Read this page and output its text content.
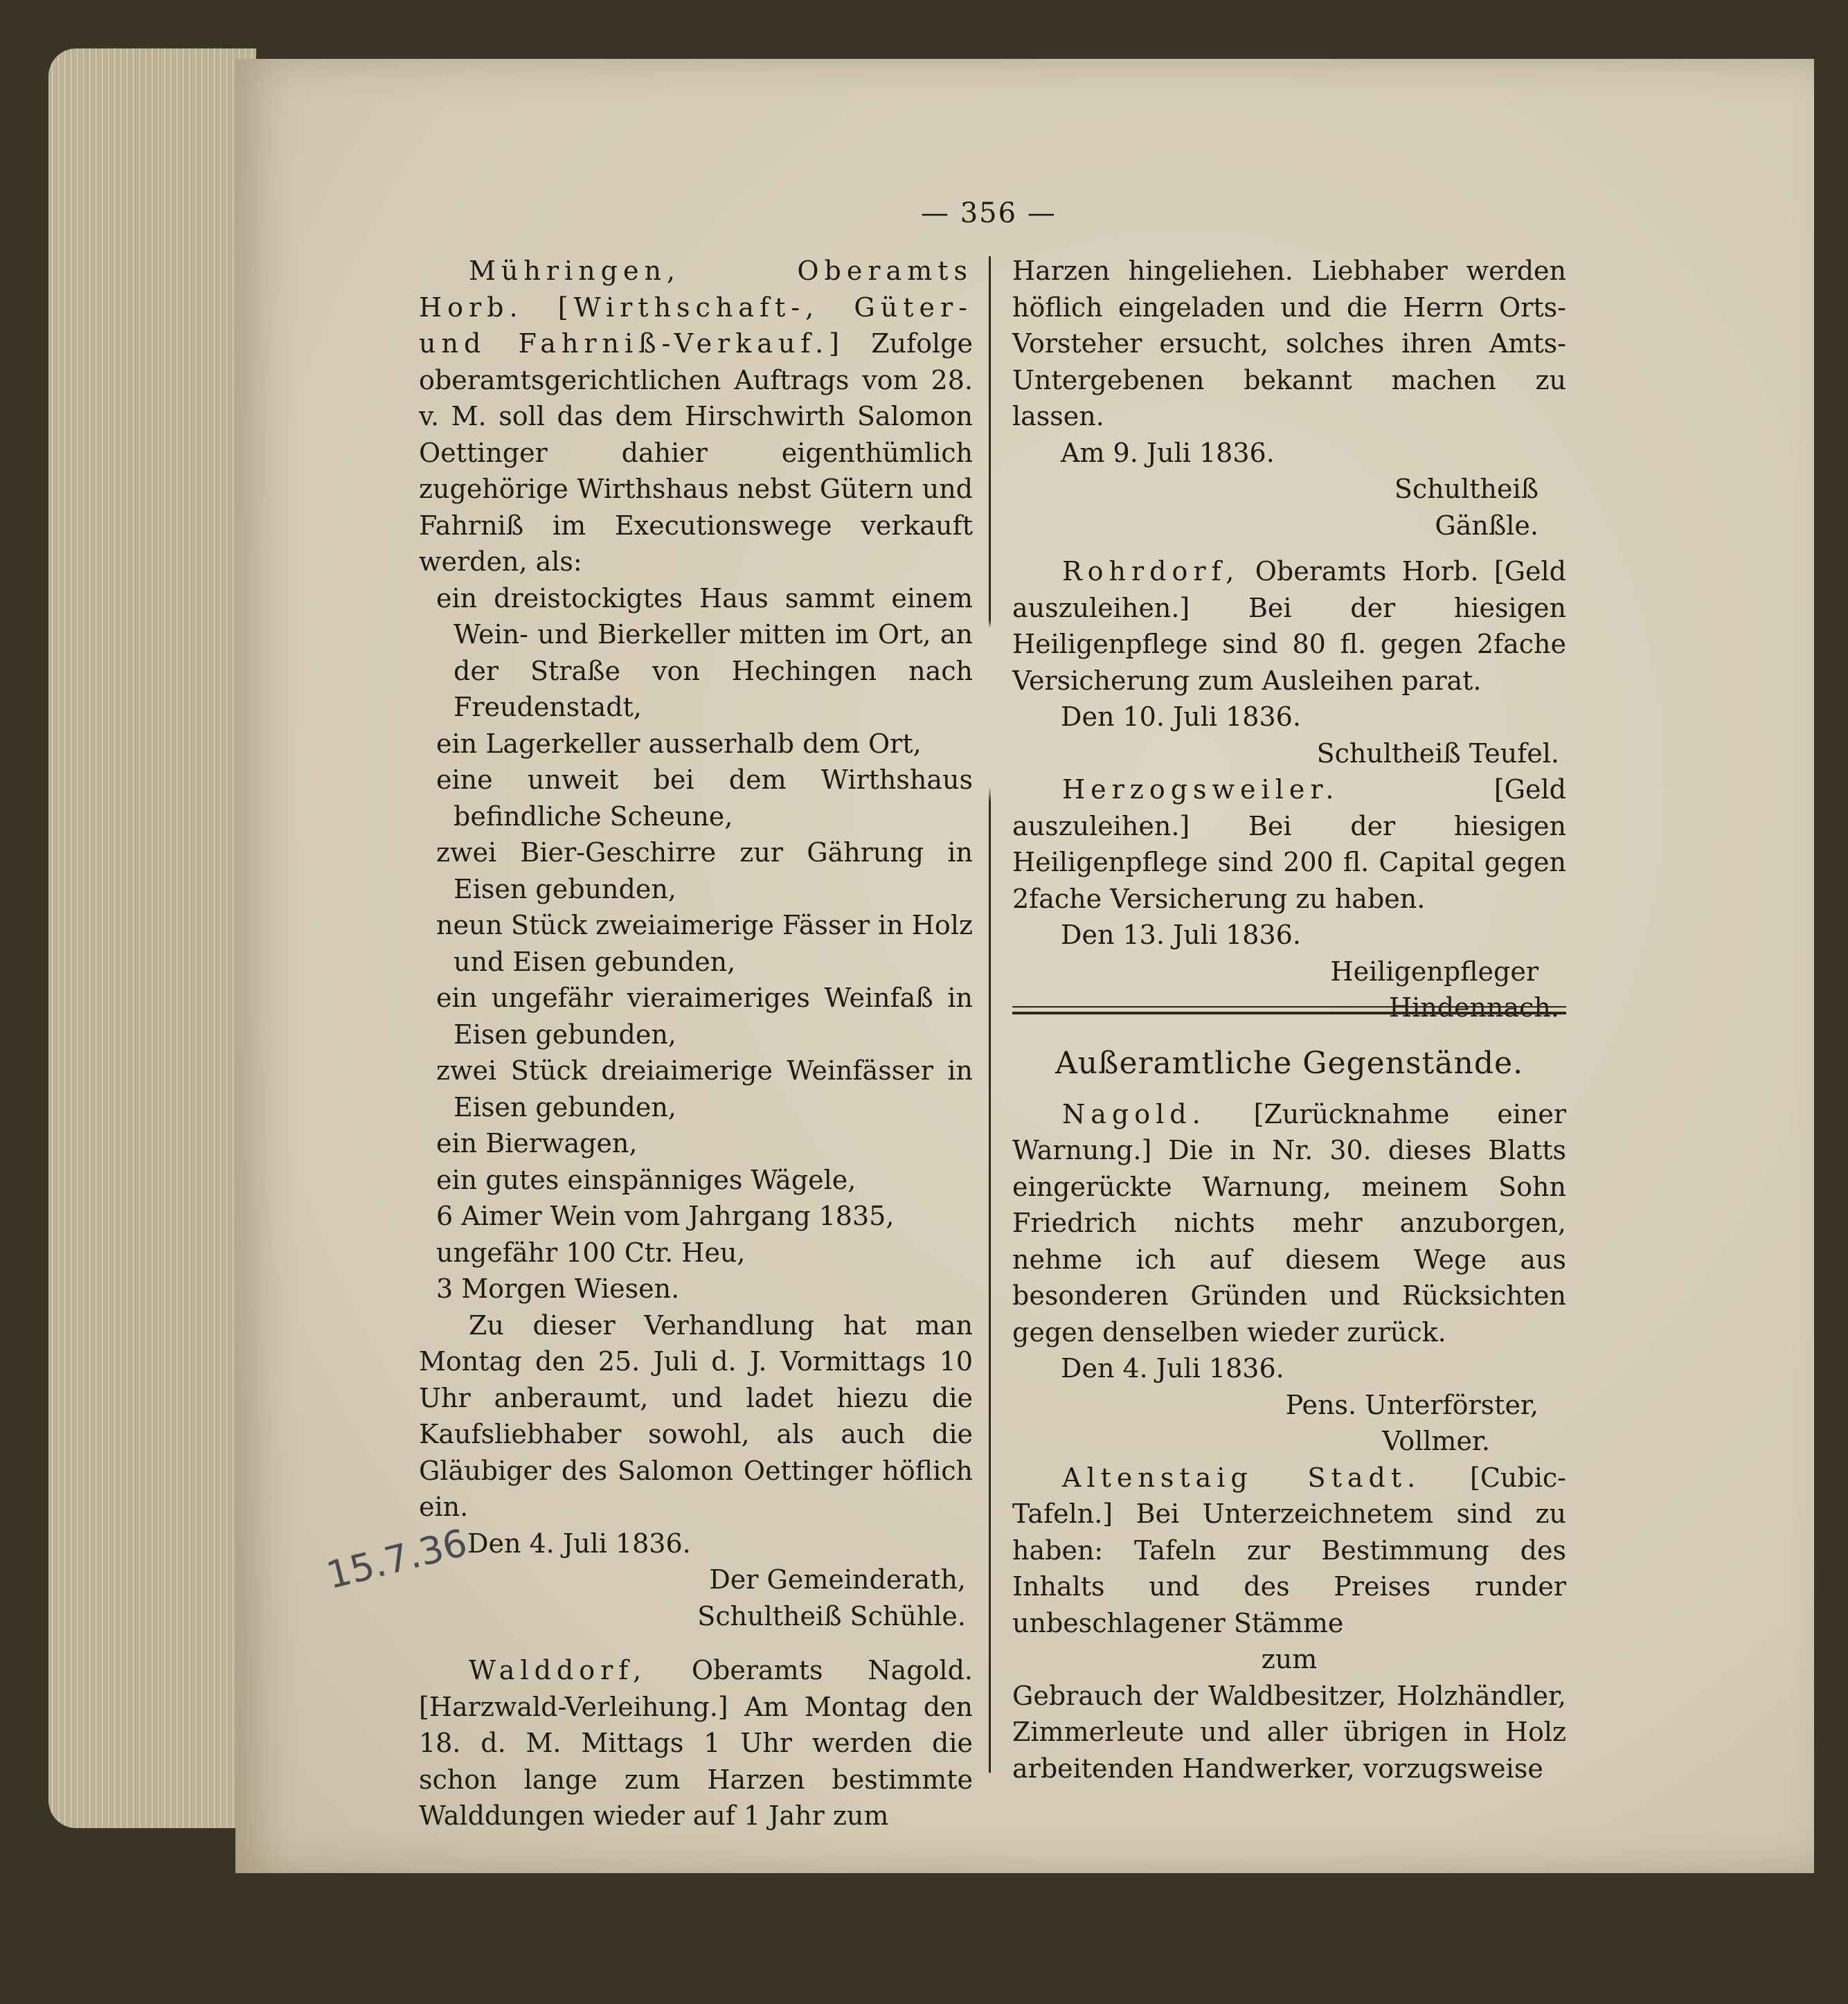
— 356 —

Mühringen, Oberamts Horb. [Wirthschaft-, Güter- und Fahrniß-Verkauf.] Zufolge oberamtsgerichtlichen Auftrags vom 28. v. M. soll das dem Hirschwirth Salomon Oettinger dahier eigenthümlich zugehörige Wirthshaus nebst Gütern und Fahrniß im Executionswege verkauft werden, als:

ein dreistockigtes Haus sammt einem Wein- und Bierkeller mitten im Ort, an der Straße von Hechingen nach Freudenstadt,

ein Lagerkeller ausserhalb dem Ort,

eine unweit bei dem Wirthshaus befindliche Scheune,

zwei Bier-Geschirre zur Gährung in Eisen gebunden,

neun Stück zweiaimerige Fässer in Holz und Eisen gebunden,

ein ungefähr vieraimeriges Weinfaß in Eisen gebunden,

zwei Stück dreiaimerige Weinfässer in Eisen gebunden,

ein Bierwagen,

ein gutes einspänniges Wägele,

6 Aimer Wein vom Jahrgang 1835,

ungefähr 100 Ctr. Heu,

3 Morgen Wiesen.

Zu dieser Verhandlung hat man Montag den 25. Juli d. J. Vormittags 10 Uhr anberaumt, und ladet hiezu die Kaufsliebhaber sowohl, als auch die Gläubiger des Salomon Oettinger höflich ein.

Den 4. Juli 1836.

Der Gemeinderath,

Schultheiß Schühle.

Walddorf, Oberamts Nagold. [Harzwald-Verleihung.] Am Montag den 18. d. M. Mittags 1 Uhr werden die schon lange zum Harzen bestimmte Walddungen wieder auf 1 Jahr zum

Harzen hingeliehen. Liebhaber werden höflich eingeladen und die Herrn Orts-Vorsteher ersucht, solches ihren Amts-Untergebenen bekannt machen zu lassen.

Am 9. Juli 1836.

Schultheiß

Gänßle.

Rohrdorf, Oberamts Horb. [Geld auszuleihen.] Bei der hiesigen Heiligenpflege sind 80 fl. gegen 2fache Versicherung zum Ausleihen parat.

Den 10. Juli 1836.

Schultheiß Teufel.

Herzogsweiler.	[Geld auszuleihen.] Bei der hiesigen Heiligenpflege sind 200 fl. Capital gegen 2fache Versicherung zu haben.

Den 13. Juli 1836.

Heiligenpfleger

Hindennach.

Außeramtliche Gegenstände.

Nagold. [Zurücknahme einer Warnung.] Die in Nr. 30. dieses Blatts eingerückte Warnung, meinem Sohn Friedrich nichts mehr anzuborgen, nehme ich auf diesem Wege aus besonderen Gründen und Rücksichten gegen denselben wieder zurück.

Den 4. Juli 1836.

Pens. Unterförster,

Vollmer.

Altenstaig Stadt. [Cubic-Tafeln.] Bei Unterzeichnetem sind zu haben: Tafeln zur Bestimmung des Inhalts und des Preises runder unbeschlagener Stämme

zum

Gebrauch der Waldbesitzer, Holzhändler, Zimmerleute und aller übrigen in Holz arbeitenden Handwerker, vorzugsweise

15.7.36
